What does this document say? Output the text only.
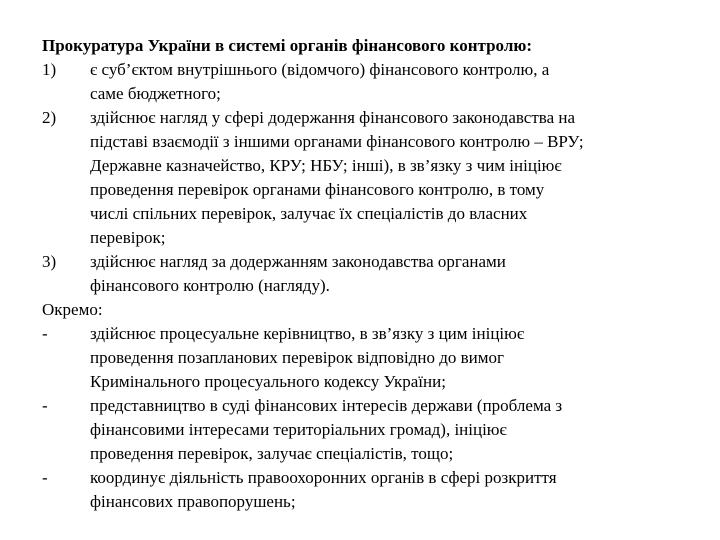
Прокуратура України в системі органів фінансового контролю:

1)	є суб’єктом внутрішнього (відомчого) фінансового контролю, а
саме бюджетного;
2)	здійснює нагляд у сфері додержання фінансового законодавства на
підставі взаємодії з іншими органами фінансового контролю – ВРУ;
Державне казначейство, КРУ; НБУ; інші), в зв’язку з чим ініціює
проведення перевірок органами фінансового контролю, в тому
числі спільних перевірок, залучає їх спеціалістів до власних
перевірок;
3)	здійснює нагляд за додержанням законодавства органами
фінансового контролю (нагляду).

Окремо:

-	здійснює процесуальне керівництво, в зв’язку з цим ініціює
проведення позапланових перевірок відповідно до вимог
Кримінального процесуального кодексу України;
-	представництво в суді фінансових інтересів держави (проблема з
фінансовими інтересами територіальних громад), ініціює
проведення перевірок, залучає спеціалістів, тощо;
-	координує діяльність правоохоронних органів в сфері розкриття
фінансових правопорушень;
